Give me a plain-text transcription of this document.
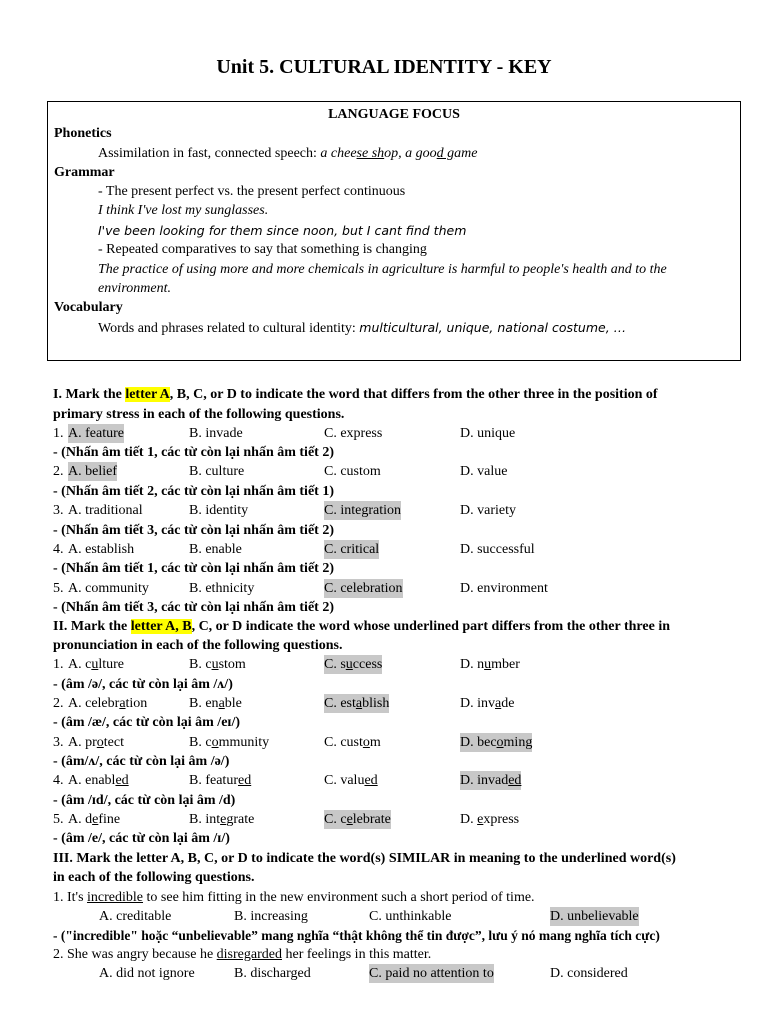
Unit 5. CULTURAL IDENTITY - KEY
LANGUAGE FOCUS
Phonetics
Assimilation in fast, connected speech: a cheese shop, a good game
Grammar
- The present perfect vs. the present perfect continuous
I think I've lost my sunglasses.
I've been looking for them since noon, but I cant find them
- Repeated comparatives to say that something is changing
The practice of using more and more chemicals in agriculture is harmful to people's health and to the
environment.
Vocabulary
Words and phrases related to cultural identity: multicultural, unique, national costume, …
I. Mark the letter A, B, C, or D to indicate the word that differs from the other three in the position of
primary stress in each of the following questions.
1. A. feature	B. invade	C. express	D. unique
- (Nhấn âm tiết 1, các từ còn lại nhấn âm tiết 2)
2. A. belief	B. culture	C. custom	D. value
- (Nhấn âm tiết 2, các từ còn lại nhấn âm tiết 1)
3. A. traditional	B. identity	C. integration	D. variety
- (Nhấn âm tiết 3, các từ còn lại nhấn âm tiết 2)
4. A. establish	B. enable	C. critical	D. successful
- (Nhấn âm tiết 1, các từ còn lại nhấn âm tiết 2)
5. A. community	B. ethnicity	C. celebration	D. environment
- (Nhấn âm tiết 3, các từ còn lại nhấn âm tiết 2)
II. Mark the letter A, B, C, or D indicate the word whose underlined part differs from the other three in
pronunciation in each of the following questions.
1. A. culture	B. custom	C. success	D. number
- (âm /ə/, các từ còn lại âm /ʌ/)
2. A. celebration	B. enable	C. establish	D. invade
- (âm /æ/, các từ còn lại âm /eɪ/)
3. A. protect	B. community	C. custom	D. becoming
- (âm/ʌ/, các từ còn lại âm /ə/)
4. A. enabled	B. featured	C. valued	D. invaded
- (âm /ɪd/, các từ còn lại âm /d)
5. A. define	B. integrate	C. celebrate	D. express
- (âm /e/, các từ còn lại âm /ɪ/)
III. Mark the letter A, B, C, or D to indicate the word(s) SIMILAR in meaning to the underlined word(s)
in each of the following questions.
1. It's incredible to see him fitting in the new environment such a short period of time.
A. creditable	B. increasing	C. unthinkable	D. unbelievable
- ("incredible" hoặc “unbelievable” mang nghĩa “thật không thể tin được”, lưu ý nó mang nghĩa tích cực)
2. She was angry because he disregarded her feelings in this matter.
A. did not ignore	B. discharged	C. paid no attention to	D. considered
